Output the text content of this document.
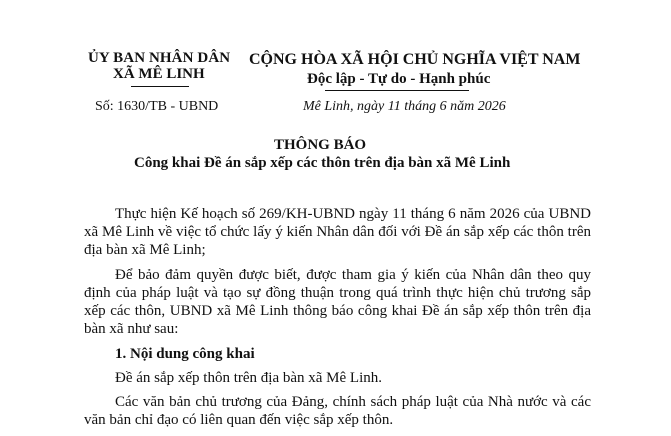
ỦY BAN NHÂN DÂN
XÃ MÊ LINH
Số: 1630/TB - UBND
CỘNG HÒA XÃ HỘI CHỦ NGHĨA VIỆT NAM
Độc lập - Tự do - Hạnh phúc
Mê Linh, ngày 11 tháng 6 năm 2026
THÔNG BÁO
Công khai Đề án sắp xếp các thôn trên địa bàn xã Mê Linh

Thực hiện Kế hoạch số 269/KH-UBND ngày 11 tháng 6 năm 2026 của UBND xã Mê Linh về việc tổ chức lấy ý kiến Nhân dân đối với Đề án sắp xếp các thôn trên địa bàn xã Mê Linh;

Để bảo đảm quyền được biết, được tham gia ý kiến của Nhân dân theo quy định của pháp luật và tạo sự đồng thuận trong quá trình thực hiện chủ trương sắp xếp các thôn, UBND xã Mê Linh thông báo công khai Đề án sắp xếp thôn trên địa bàn xã như sau:

1. Nội dung công khai

Đề án sắp xếp thôn trên địa bàn xã Mê Linh.

Các văn bản chủ trương của Đảng, chính sách pháp luật của Nhà nước và các văn bản chỉ đạo có liên quan đến việc sắp xếp thôn.
